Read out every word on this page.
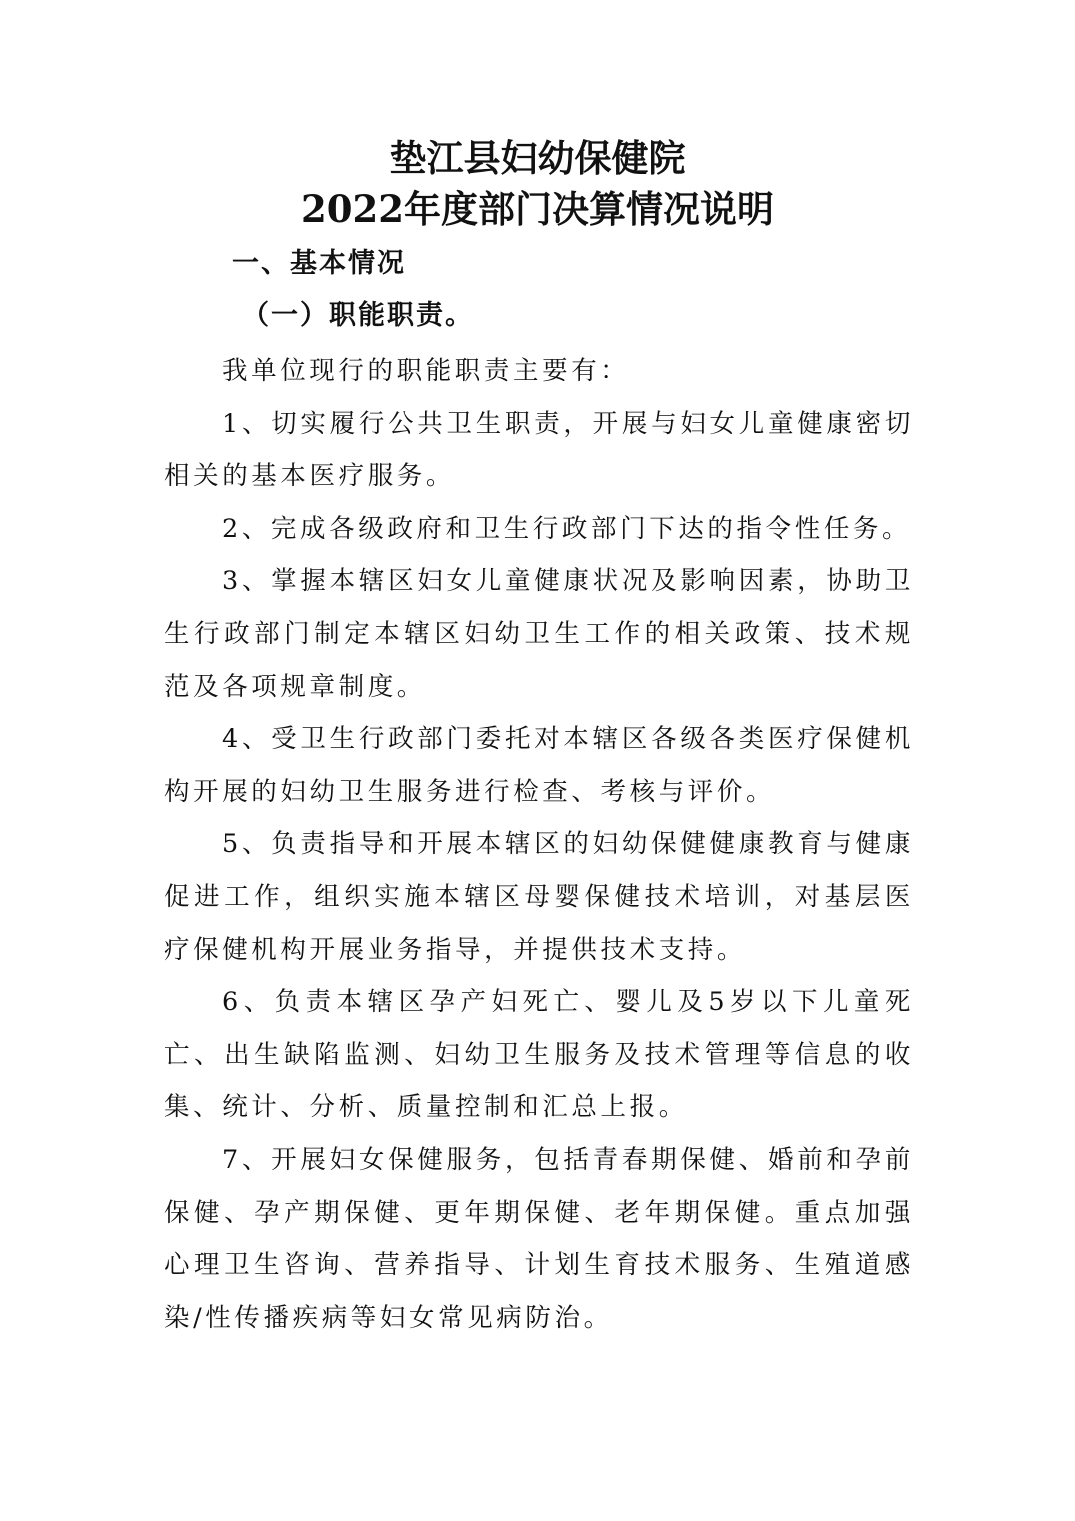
垫江县妇幼保健院
2022年度部门决算情况说明
一、基本情况
（一）职能职责。

我单位现行的职能职责主要有：

1、切实履行公共卫生职责，开展与妇女儿童健康密切相关的基本医疗服务。

2、完成各级政府和卫生行政部门下达的指令性任务。

3、掌握本辖区妇女儿童健康状况及影响因素，协助卫生行政部门制定本辖区妇幼卫生工作的相关政策、技术规范及各项规章制度。

4、受卫生行政部门委托对本辖区各级各类医疗保健机构开展的妇幼卫生服务进行检查、考核与评价。

5、负责指导和开展本辖区的妇幼保健健康教育与健康促进工作，组织实施本辖区母婴保健技术培训，对基层医疗保健机构开展业务指导，并提供技术支持。

6、负责本辖区孕产妇死亡、婴儿及5岁以下儿童死亡、出生缺陷监测、妇幼卫生服务及技术管理等信息的收集、统计、分析、质量控制和汇总上报。

7、开展妇女保健服务，包括青春期保健、婚前和孕前保健、孕产期保健、更年期保健、老年期保健。重点加强心理卫生咨询、营养指导、计划生育技术服务、生殖道感染/性传播疾病等妇女常见病防治。
